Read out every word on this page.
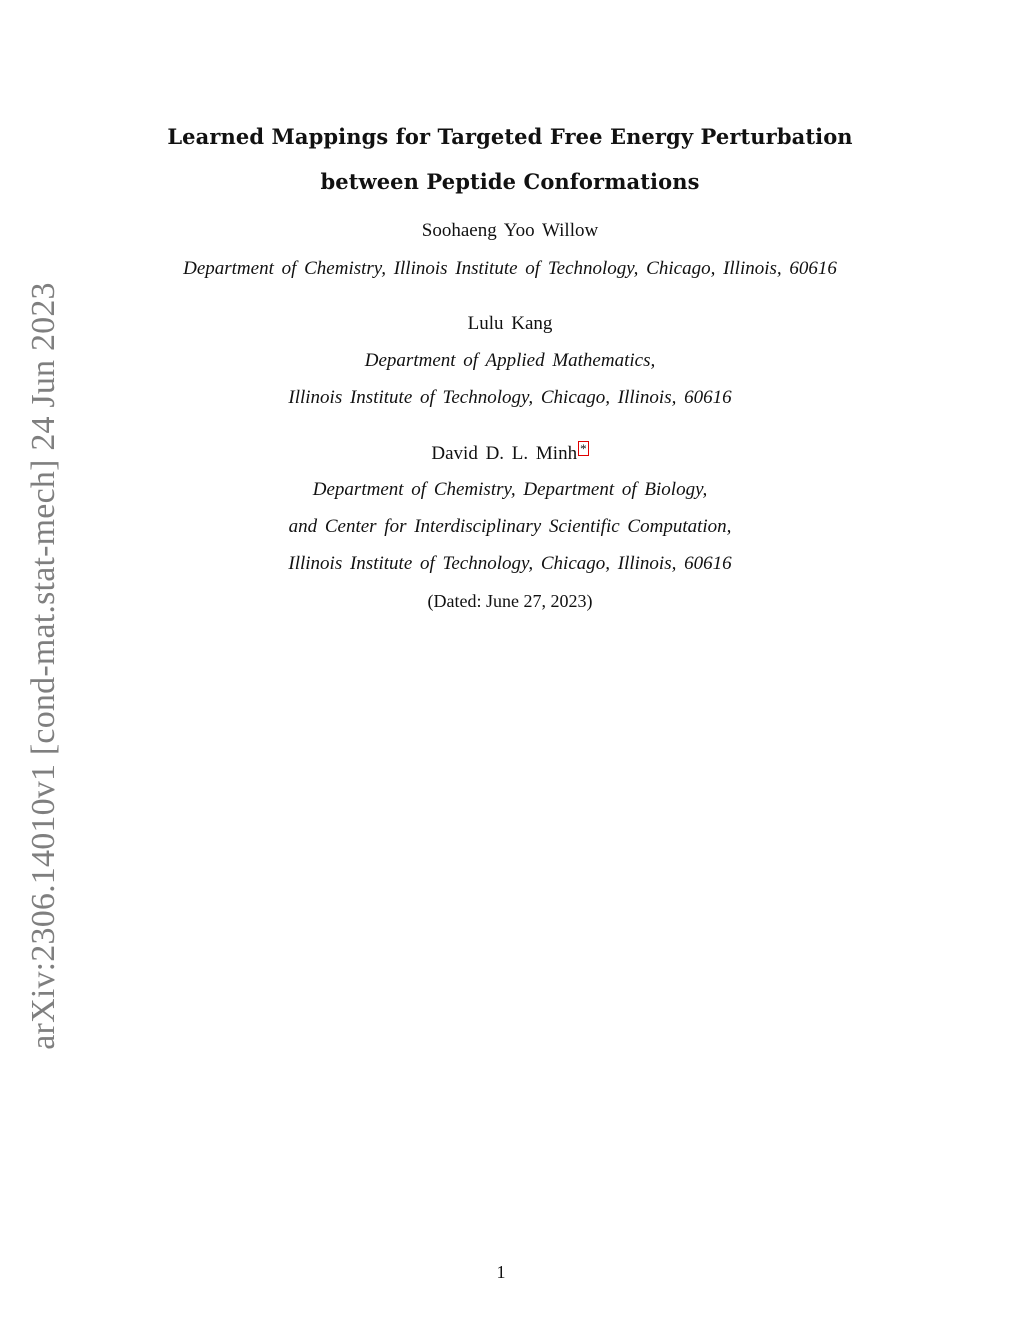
arXiv:2306.14010v1 [cond-mat.stat-mech] 24 Jun 2023
Learned Mappings for Targeted Free Energy Perturbation
between Peptide Conformations
Soohaeng Yoo Willow
Department of Chemistry, Illinois Institute of Technology, Chicago, Illinois, 60616
Lulu Kang
Department of Applied Mathematics,
Illinois Institute of Technology, Chicago, Illinois, 60616
David D. L. Minh *
Department of Chemistry, Department of Biology,
and Center for Interdisciplinary Scientific Computation,
Illinois Institute of Technology, Chicago, Illinois, 60616
(Dated: June 27, 2023)
1
